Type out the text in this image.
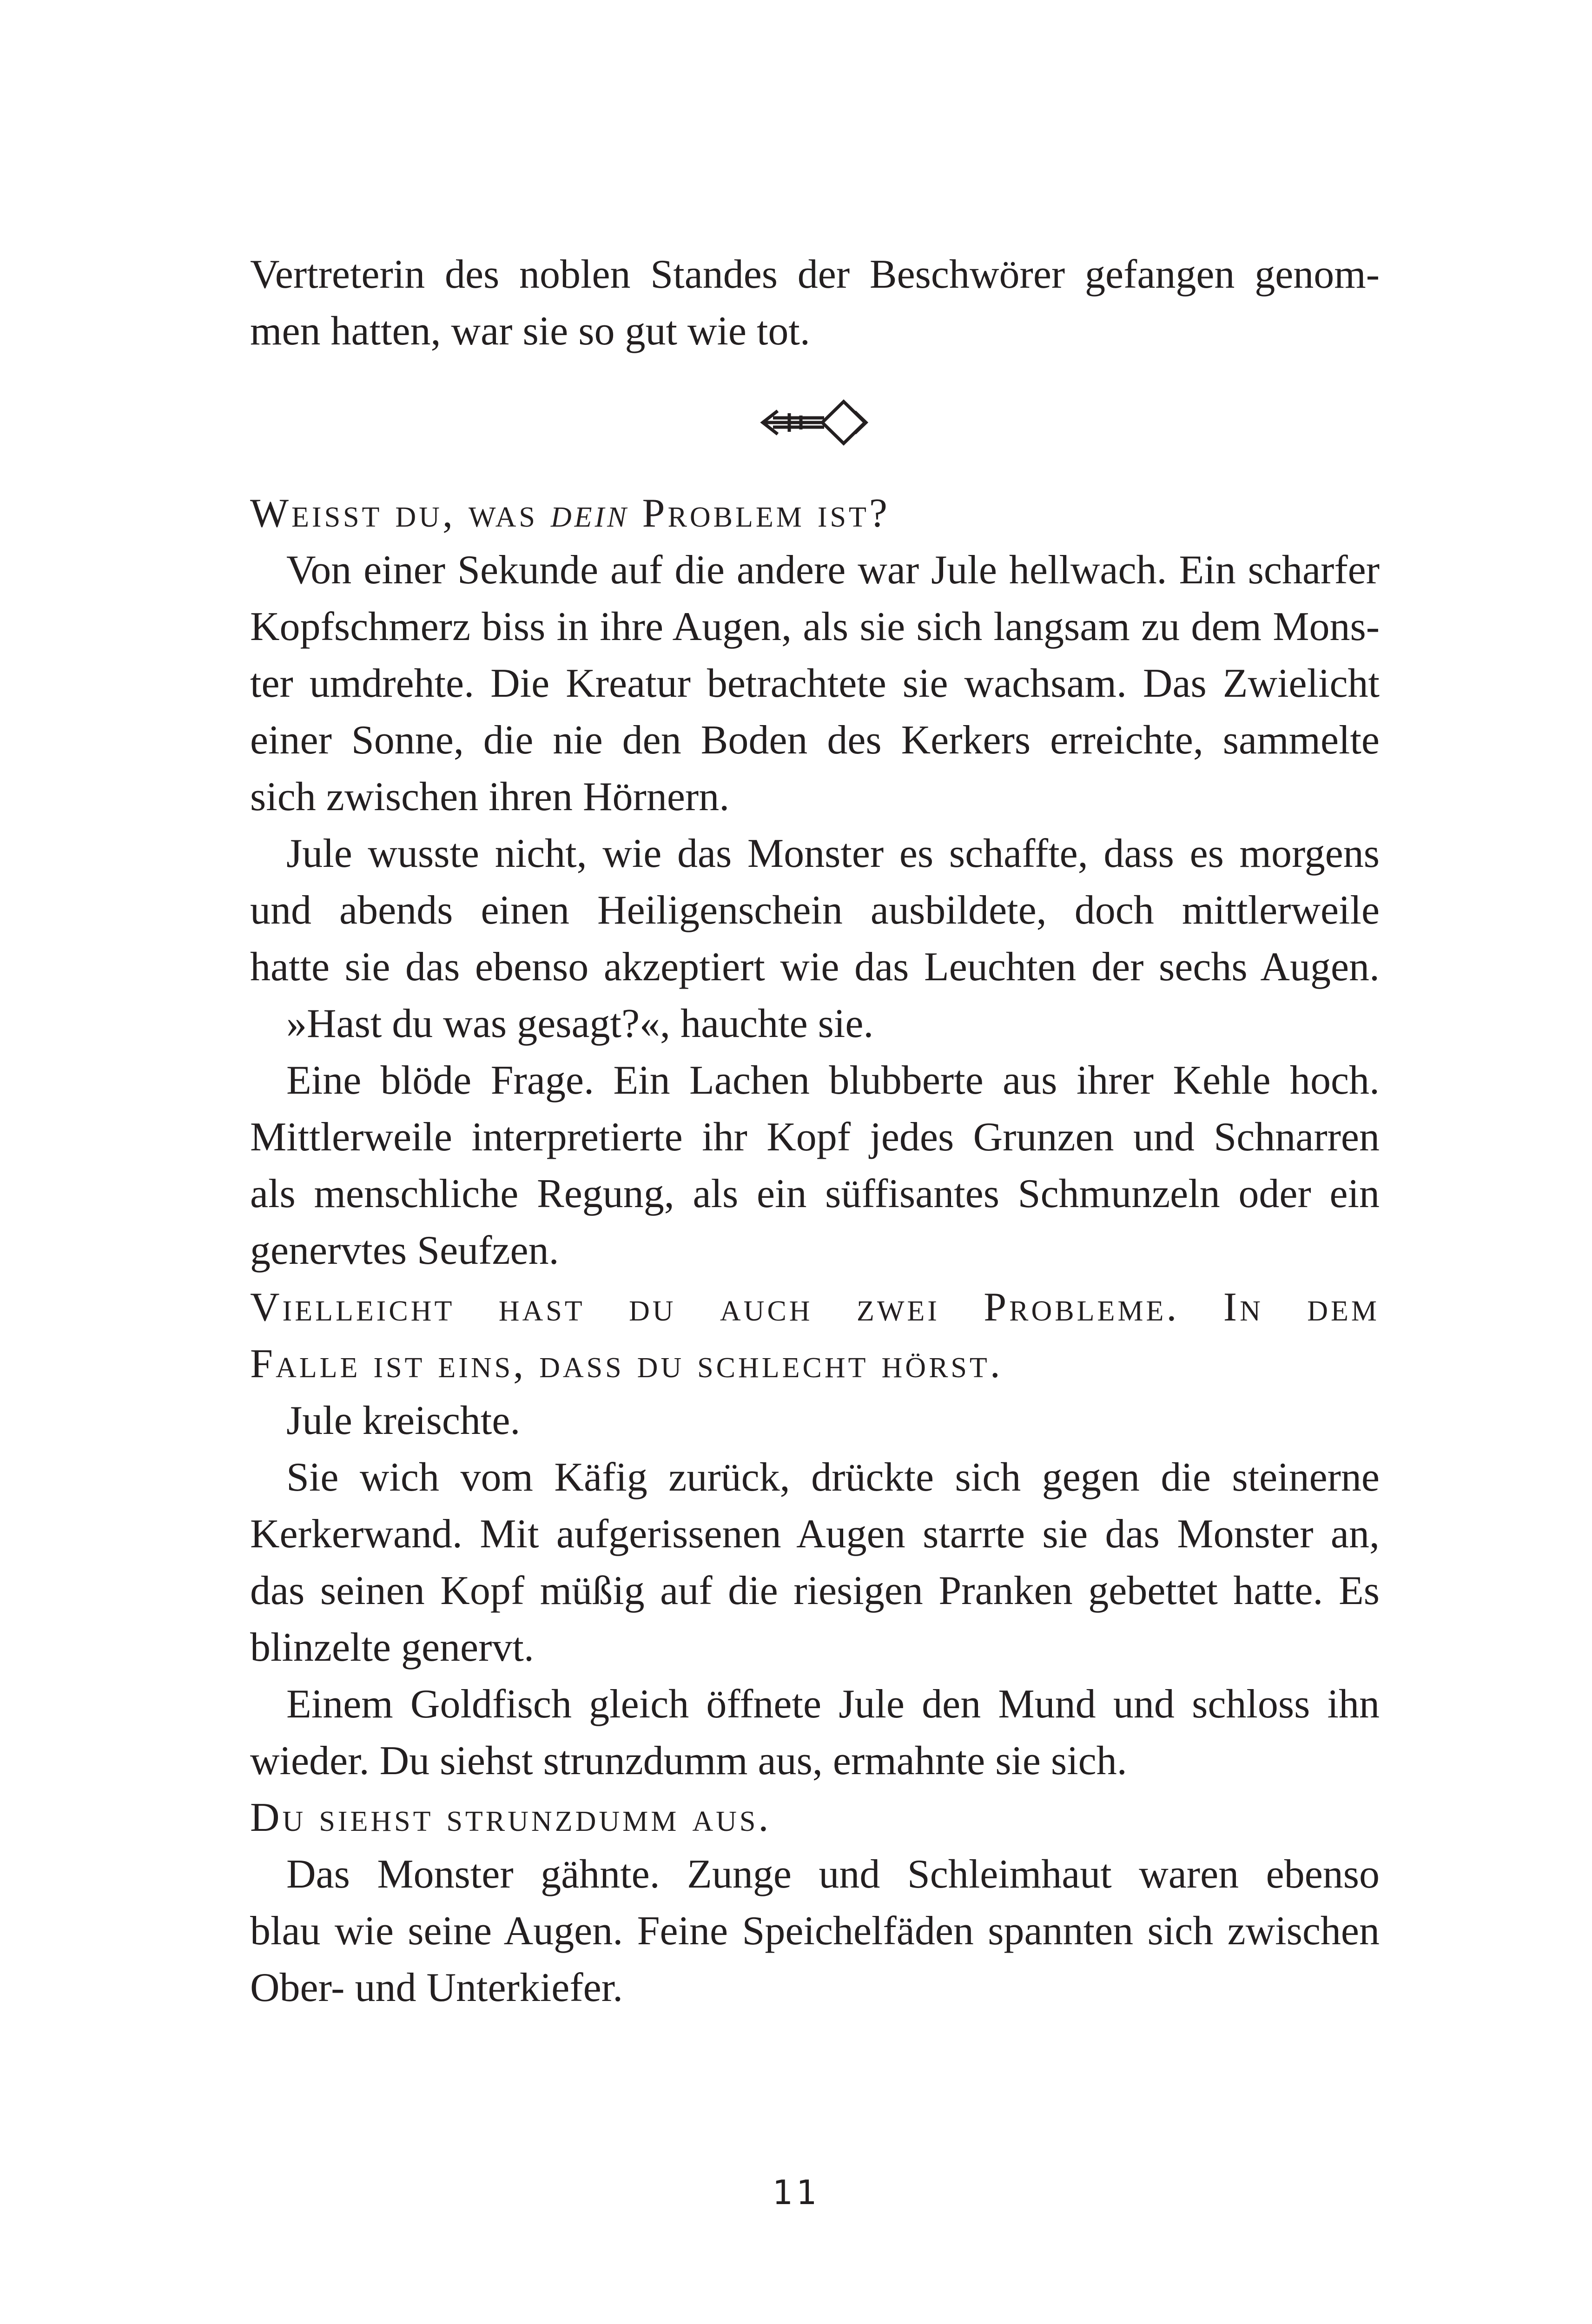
Vertreterin des noblen Standes der Beschwörer gefangen genom-
men hatten, war sie so gut wie tot.
Weisst du, was dein Problem ist?
Von einer Sekunde auf die andere war Jule hellwach. Ein scharfer
Kopfschmerz biss in ihre Augen, als sie sich langsam zu dem Mons-
ter umdrehte. Die Kreatur betrachtete sie wachsam. Das Zwielicht
einer Sonne, die nie den Boden des Kerkers erreichte, sammelte
sich zwischen ihren Hörnern.
Jule wusste nicht, wie das Monster es schaffte, dass es morgens
und abends einen Heiligenschein ausbildete, doch mittlerweile
hatte sie das ebenso akzeptiert wie das Leuchten der sechs Augen.
»Hast du was gesagt?«, hauchte sie.
Eine blöde Frage. Ein Lachen blubberte aus ihrer Kehle hoch.
Mittlerweile interpretierte ihr Kopf jedes Grunzen und Schnarren
als menschliche Regung, als ein süffisantes Schmunzeln oder ein
genervtes Seufzen.
Vielleicht hast du auch zwei Probleme. In dem
Falle ist eins, dass du schlecht hörst.
Jule kreischte.
Sie wich vom Käfig zurück, drückte sich gegen die steinerne
Kerkerwand. Mit aufgerissenen Augen starrte sie das Monster an,
das seinen Kopf müßig auf die riesigen Pranken gebettet hatte. Es
blinzelte genervt.
Einem Goldfisch gleich öffnete Jule den Mund und schloss ihn
wieder. Du siehst strunzdumm aus, ermahnte sie sich.
Du siehst strunzdumm aus.
Das Monster gähnte. Zunge und Schleimhaut waren ebenso
blau wie seine Augen. Feine Speichelfäden spannten sich zwischen
Ober- und Unterkiefer.
11
